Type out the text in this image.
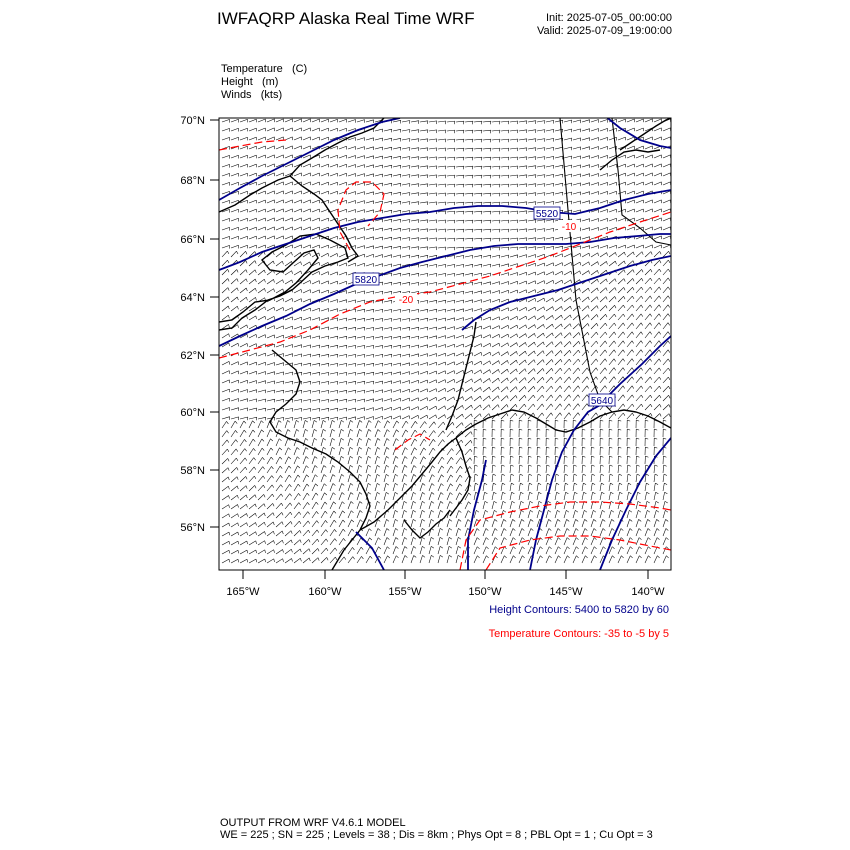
IWFAQRP Alaska Real Time WRF	Init: 2025-07-05_00:00:00
Valid: 2025-07-09_19:00:00
Temperature (C)
Height (m)
Winds (kts)
5520
5820
5640
-10
-20
70°N
68°N
66°N
64°N
62°N
60°N
58°N
56°N
165°W	160°W	155°W	150°W	145°W	140°W
Height Contours: 5400 to 5820 by 60
Temperature Contours: -35 to -5 by 5
OUTPUT FROM WRF V4.6.1 MODEL
WE = 225 ; SN = 225 ; Levels = 38 ; Dis = 8km ; Phys Opt = 8 ; PBL Opt = 1 ; Cu Opt = 3
